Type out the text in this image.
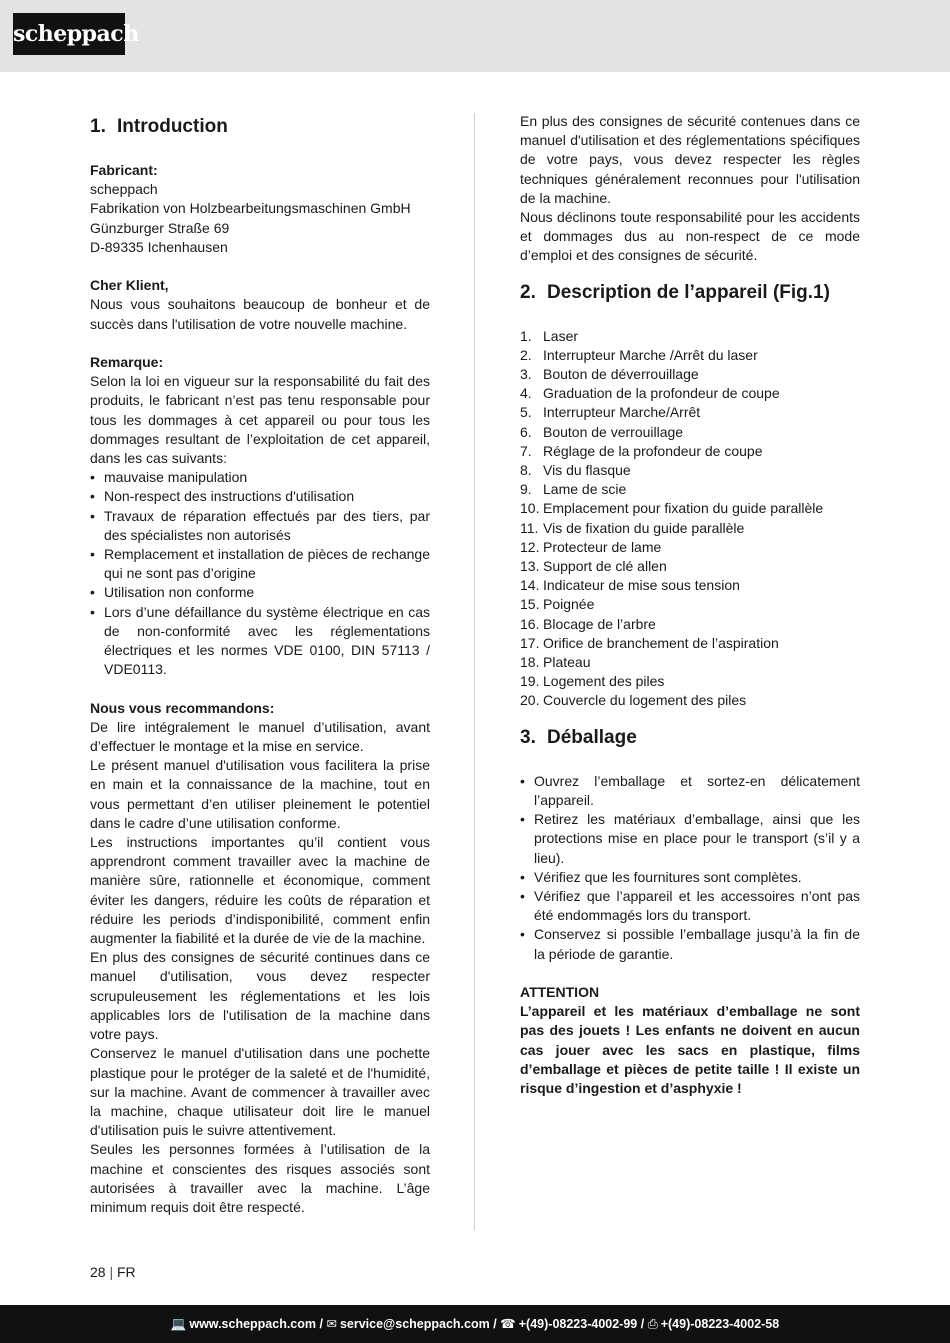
scheppach
1. Introduction
Fabricant:
scheppach
Fabrikation von Holzbearbeitungsmaschinen GmbH
Günzburger Straße 69
D-89335 Ichenhausen
Cher Klient,

Nous vous souhaitons beaucoup de bonheur et de succès dans l'utilisation de votre nouvelle machine.

Remarque:

Selon la loi en vigueur sur la responsabilité du fait des produits, le fabricant n’est pas tenu responsable pour tous les dommages à cet appareil ou pour tous les dommages resultant de l’exploitation de cet appareil, dans les cas suivants:

• mauvaise manipulation
• Non-respect des instructions d'utilisation
• Travaux de réparation effectués par des tiers, par des spécialistes non autorisés
• Remplacement et installation de pièces de rechange qui ne sont pas d’origine
• Utilisation non conforme
• Lors d’une défaillance du système électrique en cas de non-conformité avec les réglementations électriques et les normes VDE 0100, DIN 57113 / VDE0113.
Nous vous recommandons:

De lire intégralement le manuel d’utilisation, avant d’effectuer le montage et la mise en service.

Le présent manuel d'utilisation vous facilitera la prise en main et la connaissance de la machine, tout en vous permettant d’en utiliser pleinement le potentiel dans le cadre d’une utilisation conforme.

Les instructions importantes qu’il contient vous apprendront comment travailler avec la machine de manière sûre, rationnelle et économique, comment éviter les dangers, réduire les coûts de réparation et réduire les periods d’indisponibilité, comment enfin augmenter la fiabilité et la durée de vie de la machine.

En plus des consignes de sécurité continues dans ce manuel d'utilisation, vous devez respecter scrupuleusement les réglementations et les lois applicables lors de l'utilisation de la machine dans votre pays.

Conservez le manuel d'utilisation dans une pochette plastique pour le protéger de la saleté et de l'humidité, sur la machine. Avant de commencer à travailler avec la machine, chaque utilisateur doit lire le manuel d'utilisation puis le suivre attentivement.

Seules les personnes formées à l’utilisation de la machine et conscientes des risques associés sont autorisées à travailler avec la machine. L’âge minimum requis doit être respecté.

En plus des consignes de sécurité contenues dans ce manuel d'utilisation et des réglementations spécifiques de votre pays, vous devez respecter les règles techniques généralement reconnues pour l'utilisation de la machine.

Nous déclinons toute responsabilité pour les accidents et dommages dus au non-respect de ce mode d’emploi et des consignes de sécurité.

2. Description de l’appareil (Fig.1)
1. Laser
2. Interrupteur Marche /Arrêt du laser
3. Bouton de déverrouillage
4. Graduation de la profondeur de coupe
5. Interrupteur Marche/Arrêt
6. Bouton de verrouillage
7. Réglage de la profondeur de coupe
8. Vis du flasque
9. Lame de scie
10. Emplacement pour fixation du guide parallèle
11. Vis de fixation du guide parallèle
12. Protecteur de lame
13. Support de clé allen
14. Indicateur de mise sous tension
15. Poignée
16. Blocage de l’arbre
17. Orifice de branchement de l’aspiration
18. Plateau
19. Logement des piles
20. Couvercle du logement des piles
3. Déballage
• Ouvrez l’emballage et sortez-en délicatement l’appareil.
• Retirez les matériaux d’emballage, ainsi que les protections mise en place pour le transport (s’il y a lieu).
• Vérifiez que les fournitures sont complètes.
• Vérifiez que l’appareil et les accessoires n’ont pas été endommagés lors du transport.
• Conservez si possible l’emballage jusqu’à la fin de la période de garantie.
ATTENTION

L’appareil et les matériaux d’emballage ne sont pas des jouets ! Les enfants ne doivent en aucun cas jouer avec les sacs en plastique, films d’emballage et pièces de petite taille ! Il existe un risque d’ingestion et d’asphyxie !

28 | FR
💻 www.scheppach.com / ✉ service@scheppach.com / ☎ +(49)-08223-4002-99 / ⎙ +(49)-08223-4002-58
